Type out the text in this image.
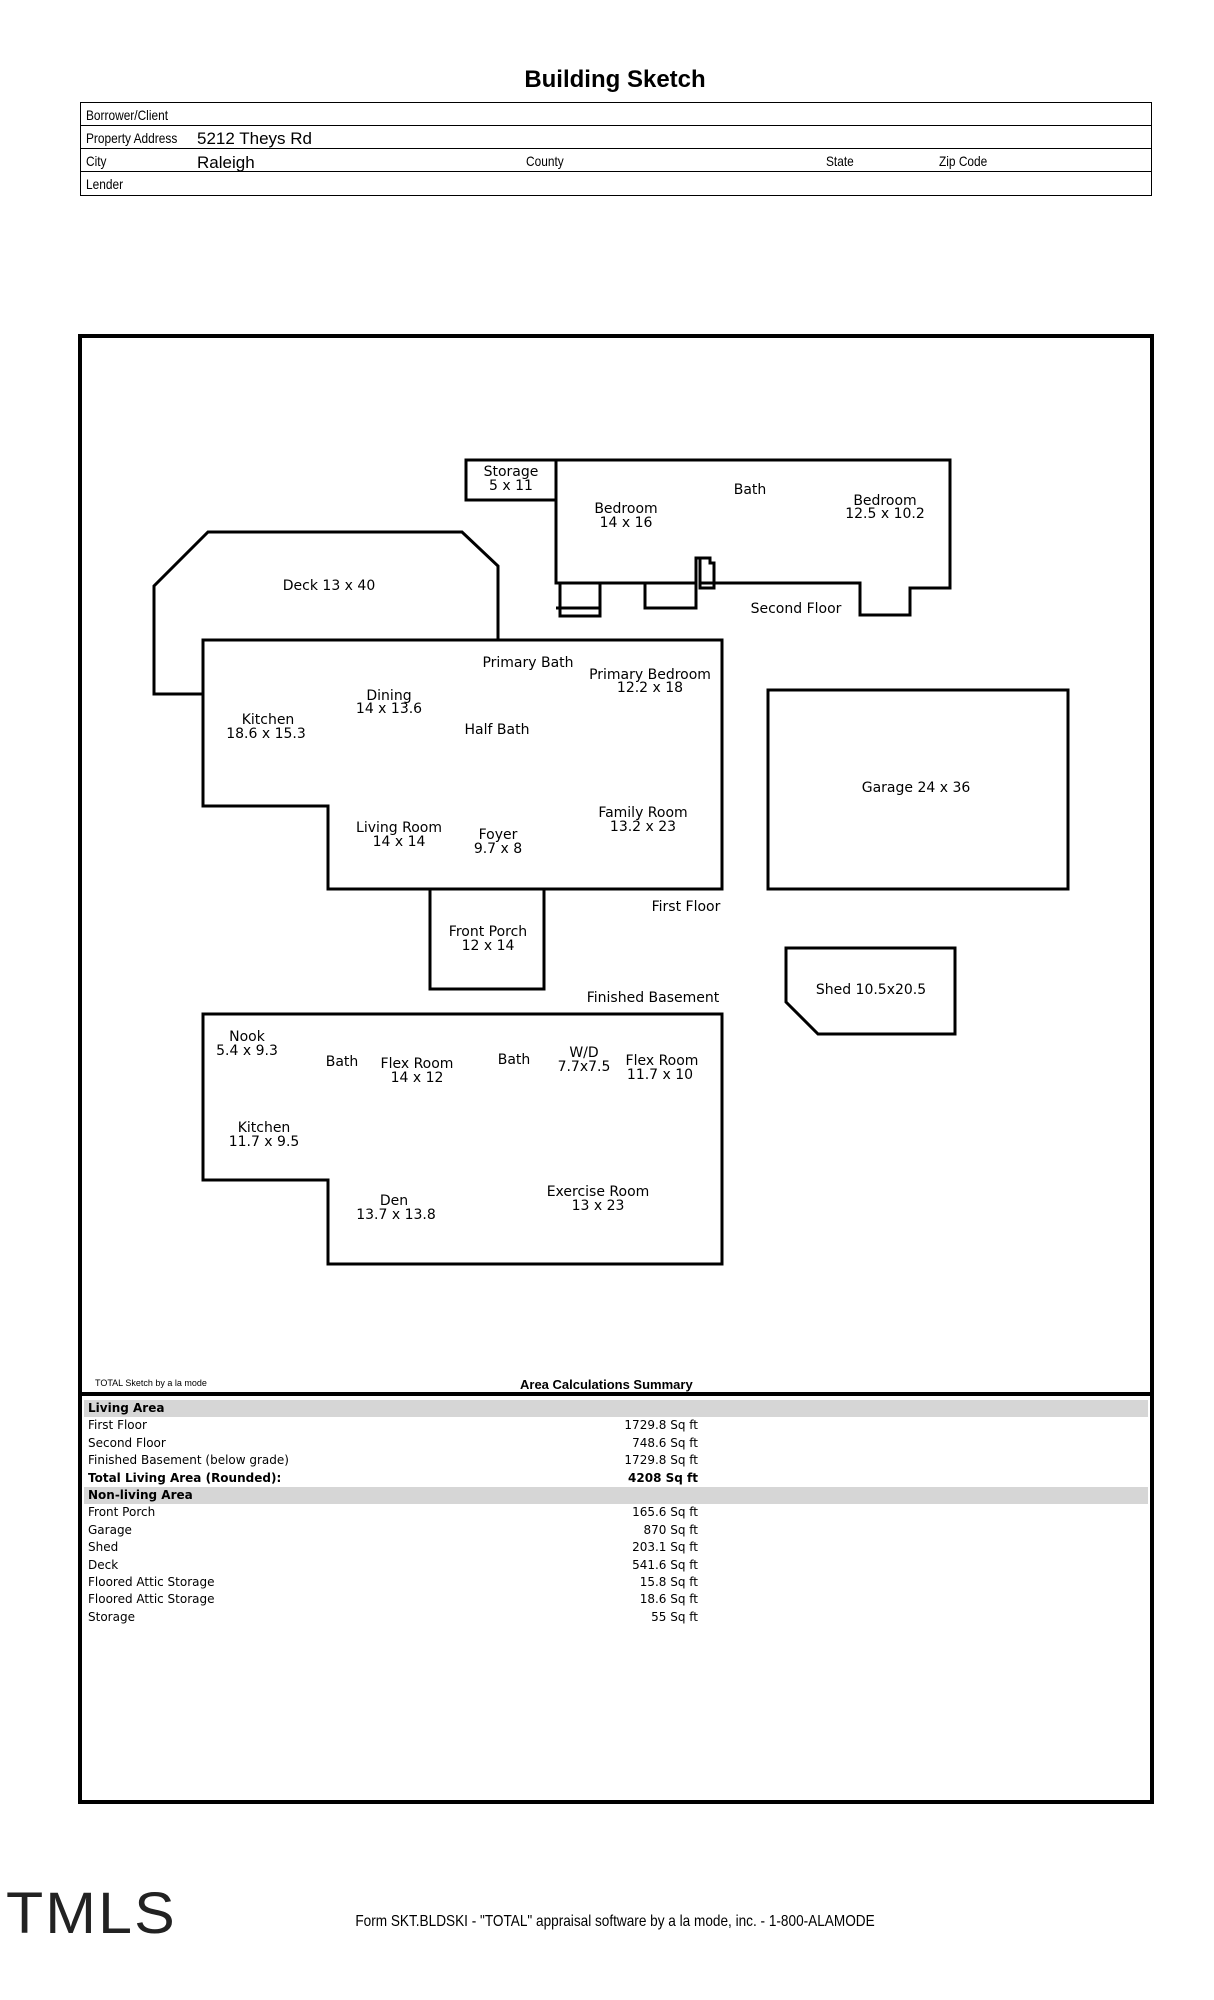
Building Sketch
Borrower/Client
Property Address 5212 Theys Rd
City	Raleigh	County	State	Zip Code
Lender
Storage
5 x 11	Bath
Bedroom
14 x 16
Bedroom
12.5 x 10.2
Second Floor
Deck 13 x 40
Primary Bath
Primary Bedroom
12.2 x 18
Dining
14 x 13.6
Kitchen
18.6 x 15.3	Half Bath
Living Room
14 x 14	Foyer
9.7 x 8
Family Room
13.2 x 23
First Floor
Garage 24 x 36
Front Porch
12 x 14
Shed 10.5x20.5
Finished Basement
Nook
5.4 x 9.3
Bath Flex Room
14 x 12
Bath	W/D
7.7x7.5 Flex Room
11.7 x 10
Kitchen
11.7 x 9.5
Den
13.7 x 13.8
Exercise Room
13 x 23
TOTAL Sketch by a la mode	Area Calculations Summary
Living Area
First Floor	1729.8 Sq ft
Second Floor	748.6 Sq ft
Finished Basement (below grade)	1729.8 Sq ft
Total Living Area (Rounded):	4208 Sq ft
Non-living Area
Front Porch	165.6 Sq ft
Garage	870 Sq ft
Shed	203.1 Sq ft
Deck	541.6 Sq ft
Floored Attic Storage	15.8 Sq ft
Floored Attic Storage	18.6 Sq ft
Storage	55 Sq ft
TMLS	Form SKT.BLDSKI - "TOTAL" appraisal software by a la mode, inc. - 1-800-ALAMODE
